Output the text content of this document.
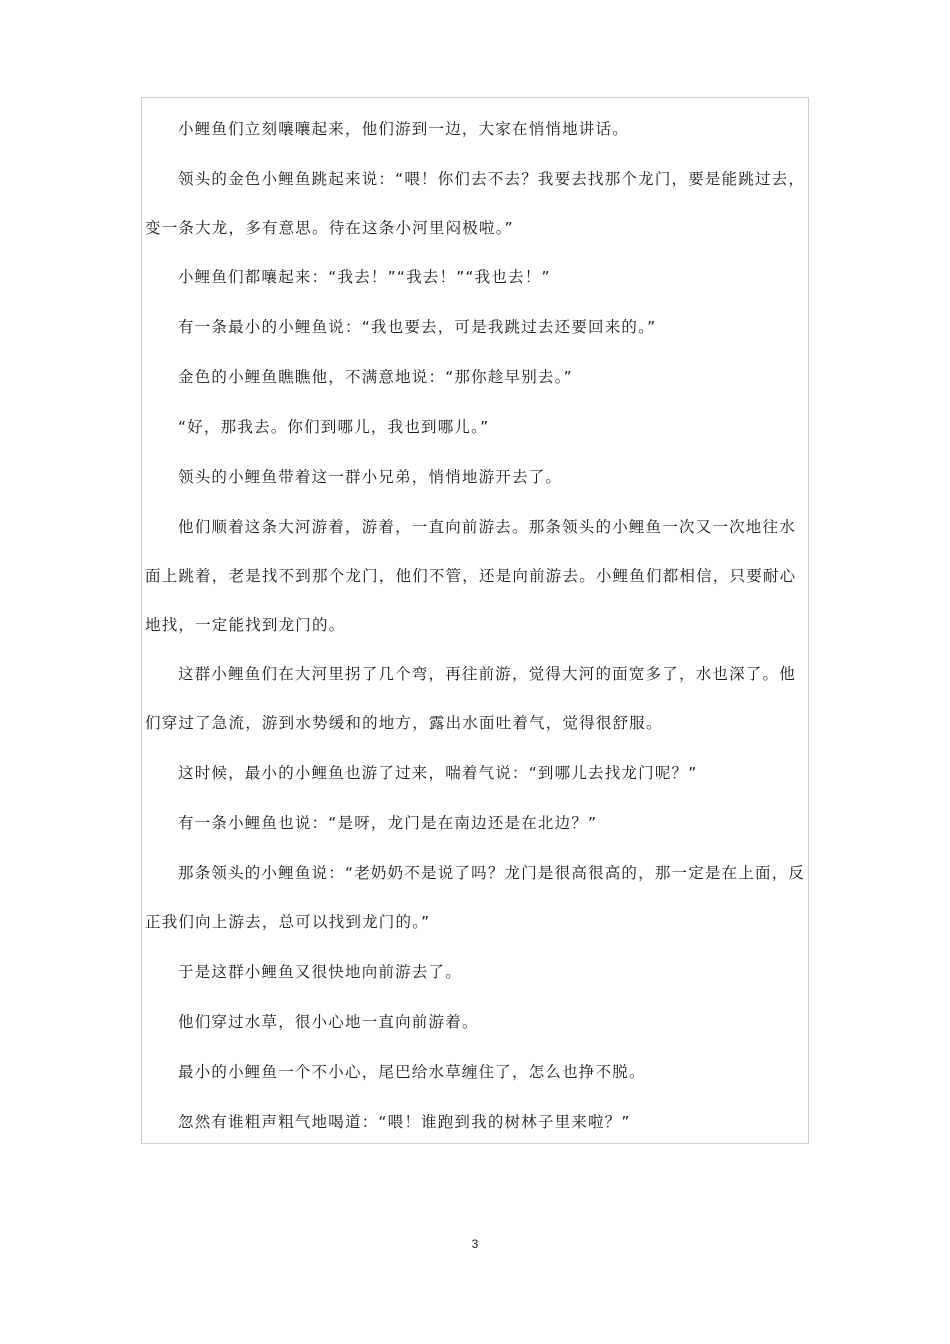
小鲤鱼们立刻嚷嚷起来，他们游到一边，大家在悄悄地讲话。
领头的金色小鲤鱼跳起来说：“喂！你们去不去？我要去找那个龙门，要是能跳过去，变一条大龙，多有意思。待在这条小河里闷极啦。”
小鲤鱼们都嚷起来：“我去！”“我去！”“我也去！”
有一条最小的小鲤鱼说：“我也要去，可是我跳过去还要回来的。”
金色的小鲤鱼瞧瞧他，不满意地说：“那你趁早别去。”
“好，那我去。你们到哪儿，我也到哪儿。”
领头的小鲤鱼带着这一群小兄弟，悄悄地游开去了。
他们顺着这条大河游着，游着，一直向前游去。那条领头的小鲤鱼一次又一次地往水面上跳着，老是找不到那个龙门，他们不管，还是向前游去。小鲤鱼们都相信，只要耐心地找，一定能找到龙门的。
这群小鲤鱼们在大河里拐了几个弯，再往前游，觉得大河的面宽多了，水也深了。他们穿过了急流，游到水势缓和的地方，露出水面吐着气，觉得很舒服。
这时候，最小的小鲤鱼也游了过来，喘着气说：“到哪儿去找龙门呢？”
有一条小鲤鱼也说：“是呀，龙门是在南边还是在北边？”
那条领头的小鲤鱼说：“老奶奶不是说了吗？龙门是很高很高的，那一定是在上面，反正我们向上游去，总可以找到龙门的。”
于是这群小鲤鱼又很快地向前游去了。
他们穿过水草，很小心地一直向前游着。
最小的小鲤鱼一个不小心，尾巴给水草缠住了，怎么也挣不脱。
忽然有谁粗声粗气地喝道：“喂！谁跑到我的树林子里来啦？”
3
